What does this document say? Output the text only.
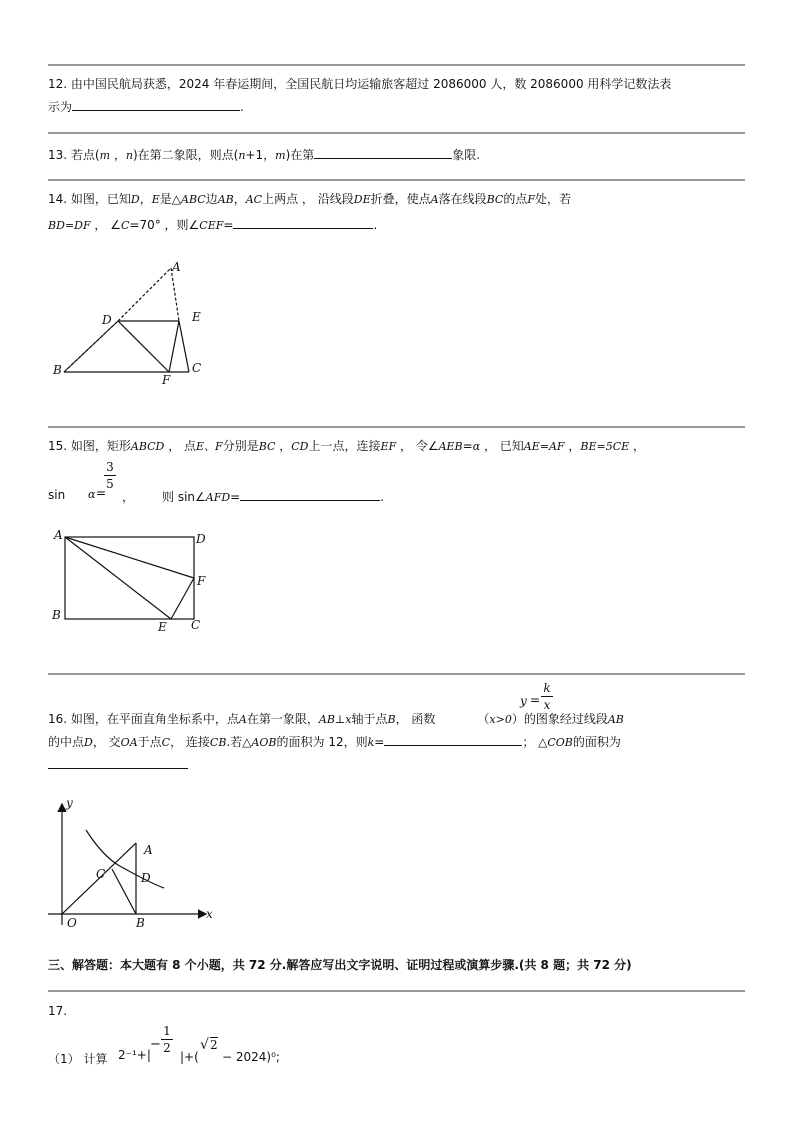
12. 由中国民航局获悉，2024 年春运期间，全国民航日均运输旅客超过 2086000 人，数 2086000 用科学记数法表
示为	.
13. 若点(m ，n)在第二象限，则点(n+1，m)在第	象限.
14. 如图，已知D，E是△ABC边AB，AC上两点 ， 沿线段DE折叠，使点A落在线段BC的点F处，若
BD=DF ， ∠C=70° ，则∠CEF=	.
A
D	E
B
F
C
15. 如图，矩形ABCD ， 点E、F分别是BC ，CD上一点，连接EF ， 令∠AEB=α ， 已知AE=AF ，BE=5CE ，
sin α =
3
5
， 则 sin∠AFD=	.
A	D
F
B
E C
y =
k
x
16. 如图，在平面直角坐标系中，点A在第一象限，AB⊥x轴于点B， 函数	（x>0）的图象经过线段AB
的中点D， 交OA于点C， 连接CB.若△AOB的面积为 12，则k=	； △COB的面积为
y
x
A
C	D
O	B
三、解答题：本大题有 8 个小题，共 72 分.解答应写出文字说明、证明过程或演算步骤.(共 8 题；共 72 分)
17.
（1） 计算 2⁻¹+|
−
1
2
|+(
√ 2
− 2024)⁰;
